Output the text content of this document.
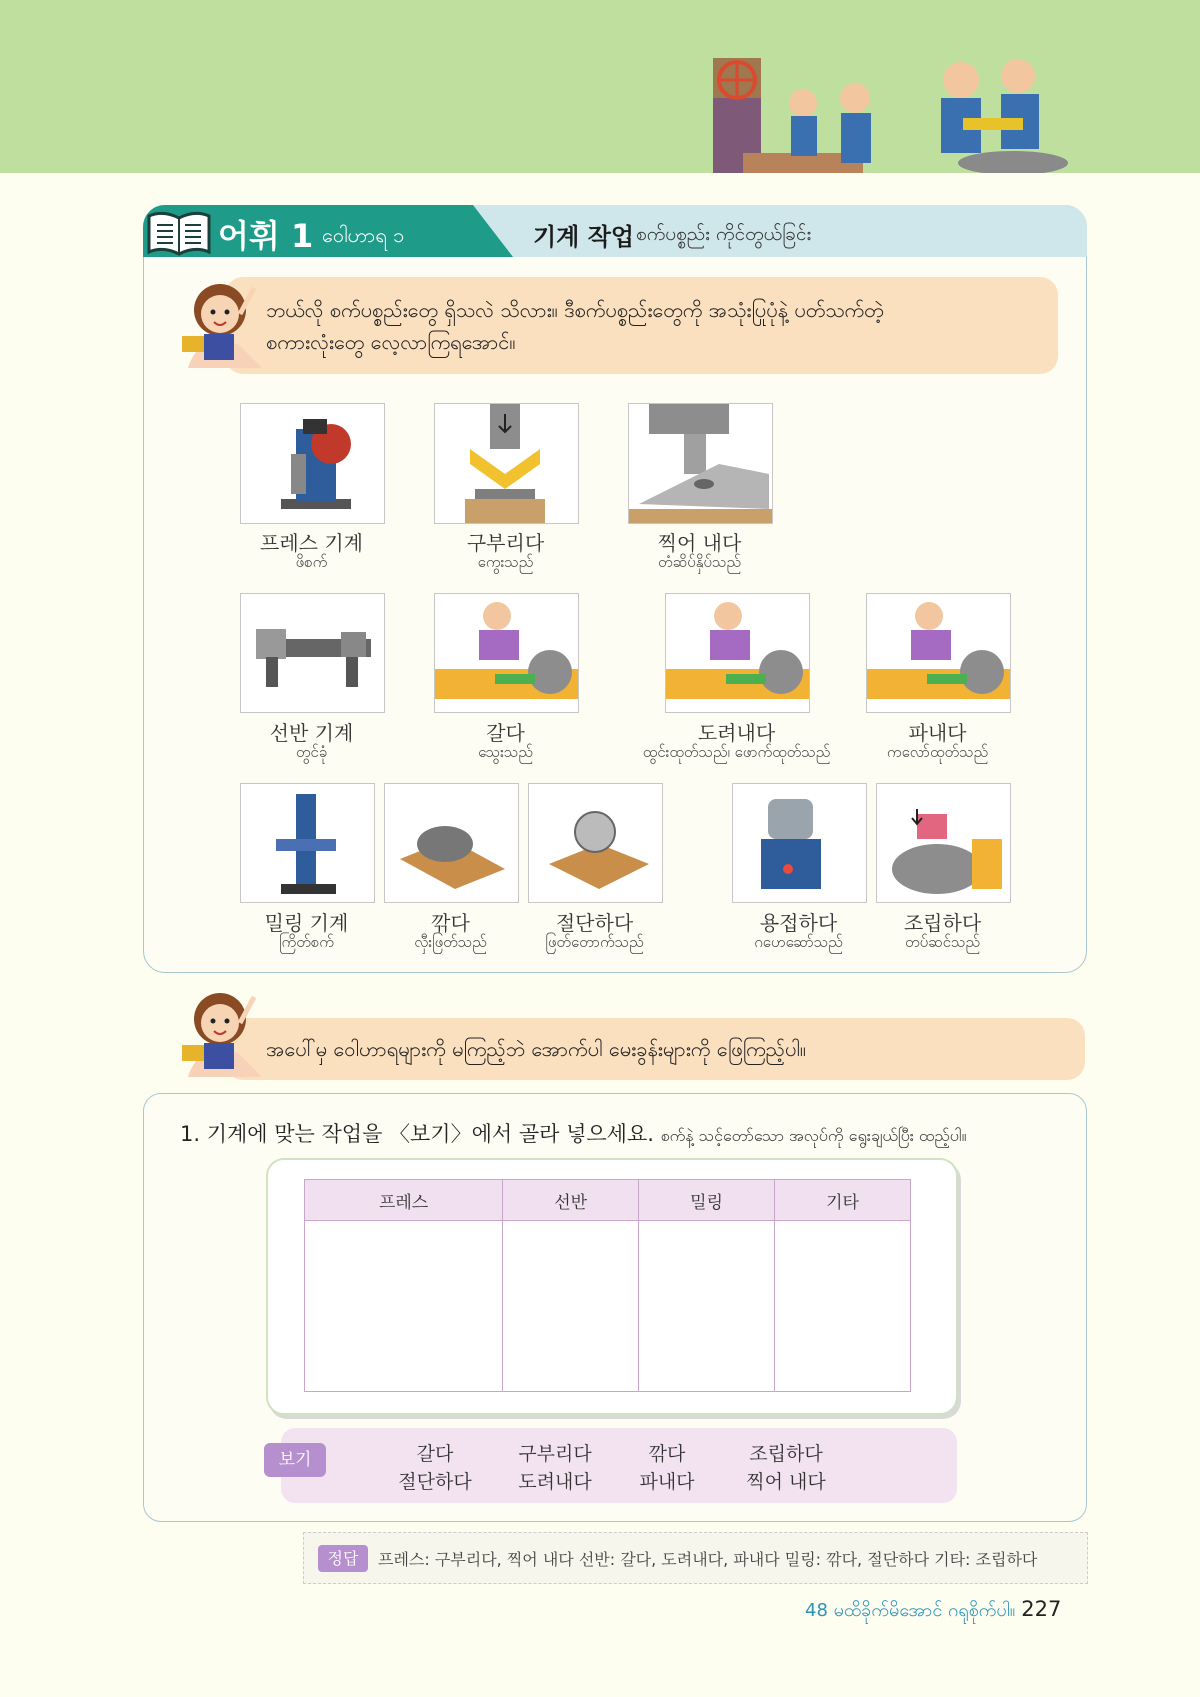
어휘 1 ဝေါဟာရ ၁	기계 작업 စက်ပစ္စည်း ကိုင်တွယ်ခြင်း
ဘယ်လို စက်ပစ္စည်းတွေ ရှိသလဲ သိလား။ ဒီစက်ပစ္စည်းတွေကို အသုံးပြုပုံနဲ့ ပတ်သက်တဲ့
စကားလုံးတွေ လေ့လာကြရအောင်။
프레스 기계
ဖိစက်
구부리다
ကွေးသည်
찍어 내다
တံဆိပ်နှိပ်သည်
선반 기계
တွင်ခုံ
갈다
သွေးသည်
도려내다
ထွင်းထုတ်သည်၊ ဖောက်ထုတ်သည်
파내다
ကလော်ထုတ်သည်
밀링 기계
ကြိတ်စက်
깎다
လှီးဖြတ်သည်
절단하다
ဖြတ်တောက်သည်
용접하다
ဂဟေဆော်သည်
조립하다
တပ်ဆင်သည်
အပေါ်မှ ဝေါဟာရများကို မကြည့်ဘဲ အောက်ပါ မေးခွန်းများကို ဖြေကြည့်ပါ။
1. 기계에 맞는 작업을 〈보기〉에서 골라 넣으세요. စက်နဲ့ သင့်တော်သော အလုပ်ကို ရွေးချယ်ပြီး ထည့်ပါ။
프레스	선반	밀링	기타

보기	갈다	구부리다	깎다	조립하다
절단하다	도려내다	파내다	찍어 내다
정답	프레스: 구부리다, 찍어 내다 선반: 갈다, 도려내다, 파내다 밀링: 깎다, 절단하다 기타: 조립하다
48 မထိခိုက်မိအောင် ဂရုစိုက်ပါ။ 227
